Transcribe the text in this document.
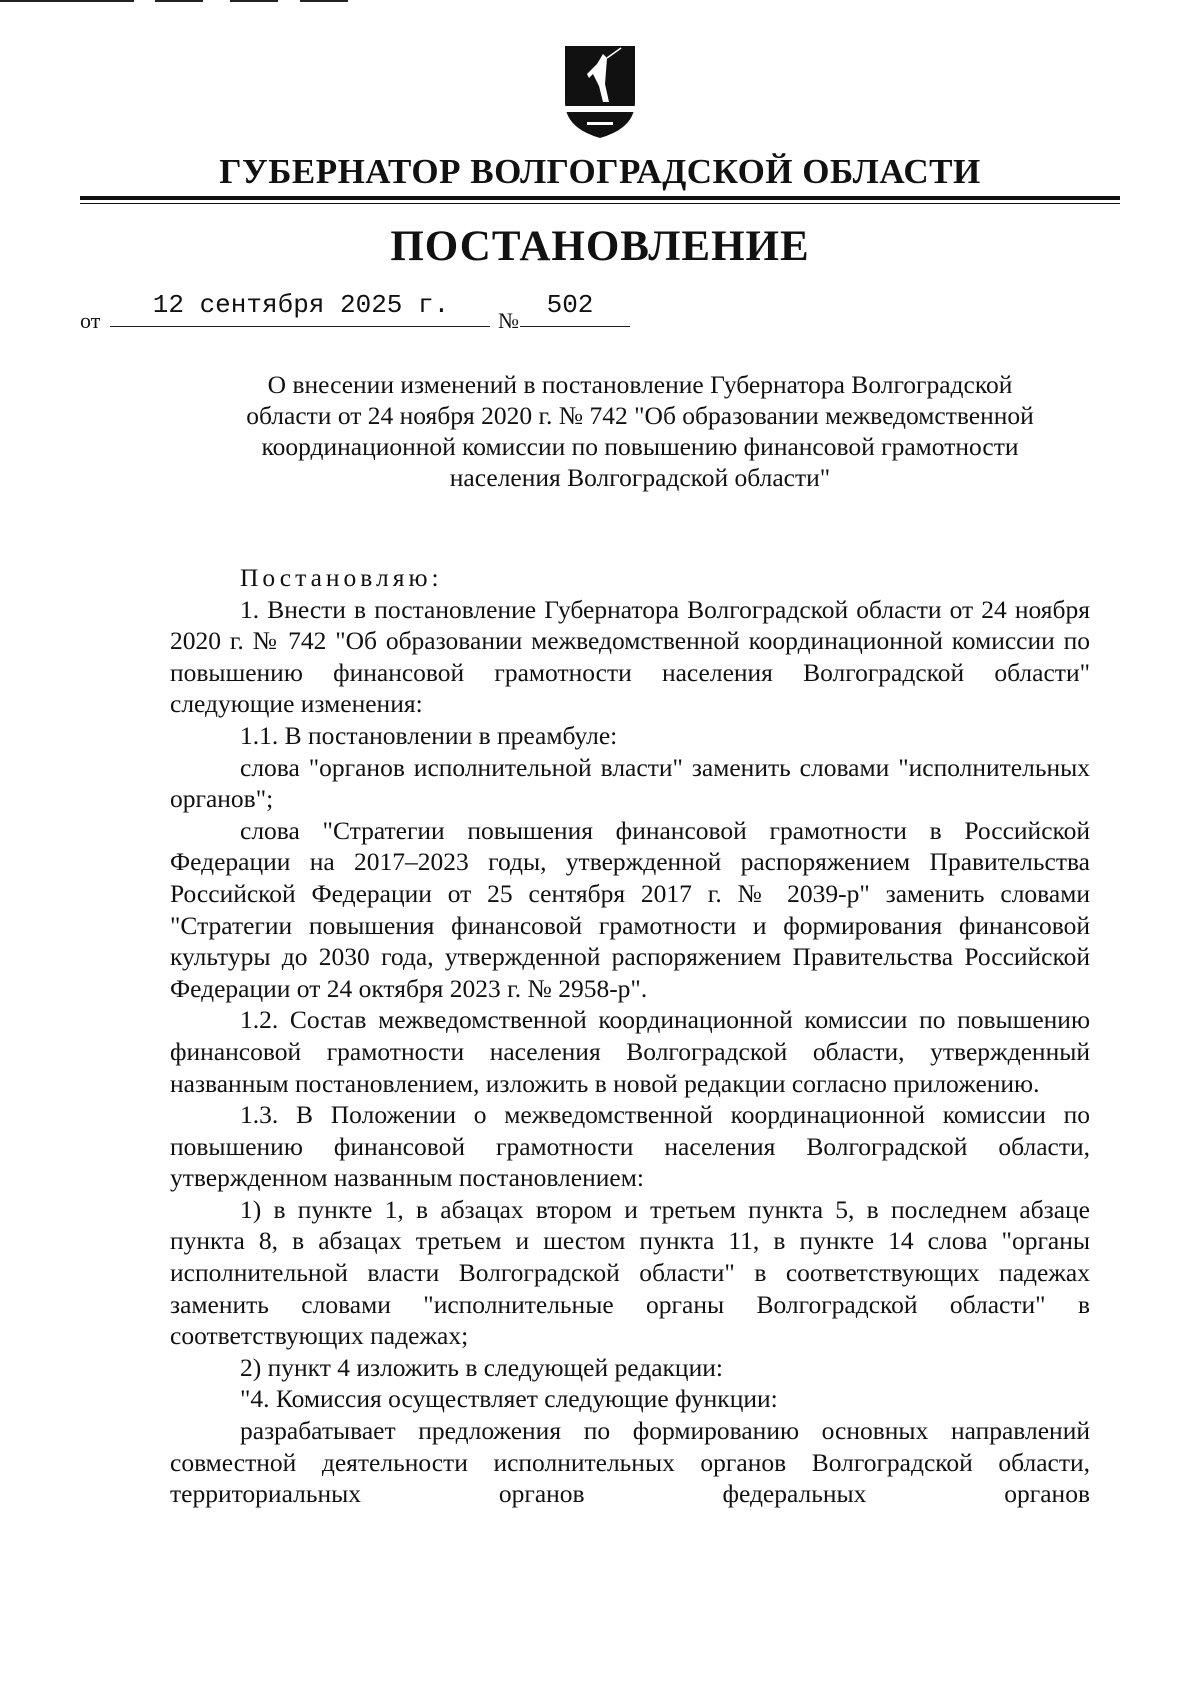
ГУБЕРНАТОР ВОЛГОГРАДСКОЙ ОБЛАСТИ
ПОСТАНОВЛЕНИЕ
от
12 сентября 2025 г.
№
502
О внесении изменений в постановление Губернатора Волгоградской
области от 24 ноября 2020 г. № 742 "Об образовании межведомственной
координационной комиссии по повышению финансовой грамотности
населения Волгоградской области"

Постановляю:

1. Внести в постановление Губернатора Волгоградской области от 24 ноября 2020 г. № 742 "Об образовании межведомственной координационной комиссии по повышению финансовой грамотности населения Волгоградской области" следующие изменения:

1.1. В постановлении в преамбуле:

слова "органов исполнительной власти" заменить словами "исполнительных органов";

слова "Стратегии повышения финансовой грамотности в Российской Федерации на 2017–2023 годы, утвержденной распоряжением Правительства Российской Федерации от 25 сентября 2017 г. № 2039-р" заменить словами "Стратегии повышения финансовой грамотности и формирования финансовой культуры до 2030 года, утвержденной распоряжением Правительства Российской Федерации от 24 октября 2023 г. № 2958-р".

1.2. Состав межведомственной координационной комиссии по повышению финансовой грамотности населения Волгоградской области, утвержденный названным постановлением, изложить в новой редакции согласно приложению.

1.3. В Положении о межведомственной координационной комиссии по повышению финансовой грамотности населения Волгоградской области, утвержденном названным постановлением:

1) в пункте 1, в абзацах втором и третьем пункта 5, в последнем абзаце пункта 8, в абзацах третьем и шестом пункта 11, в пункте 14 слова "органы исполнительной власти Волгоградской области" в соответствующих падежах заменить словами "исполнительные органы Волгоградской области" в соответствующих падежах;

2) пункт 4 изложить в следующей редакции:

"4. Комиссия осуществляет следующие функции:

разрабатывает предложения по формированию основных направлений совместной деятельности исполнительных органов Волгоградской области, территориальных органов федеральных органов
